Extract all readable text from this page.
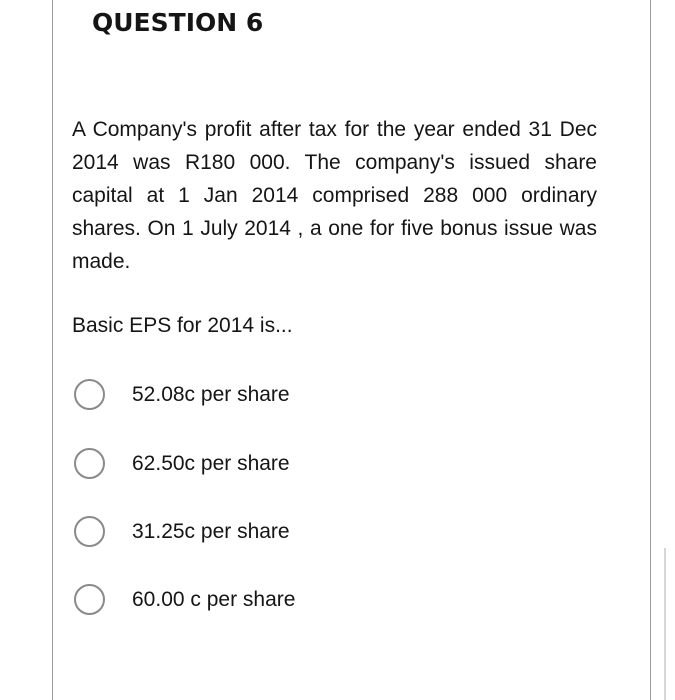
QUESTION 6
A Company's profit after tax for the year ended 31 Dec 2014 was R180 000. The company's issued share capital at 1 Jan 2014 comprised 288 000 ordinary shares. On 1 July 2014 , a one for five bonus issue was made.
Basic EPS for 2014 is...
52.08c per share
62.50c per share
31.25c per share
60.00 c per share
